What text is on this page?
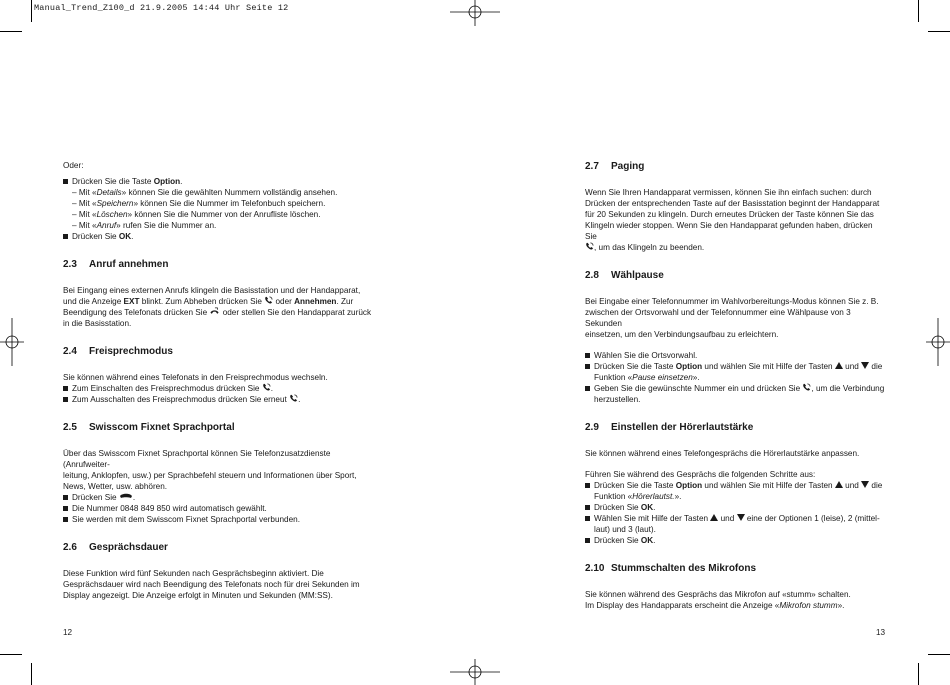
Manual_Trend_Z100_d 21.9.2005 14:44 Uhr Seite 12

Oder:

Drücken Sie die Taste Option.

– Mit «Details» können Sie die gewählten Nummern vollständig ansehen.

– Mit «Speichern» können Sie die Nummer im Telefonbuch speichern.

– Mit «Löschen» können Sie die Nummer von der Anrufliste löschen.

– Mit «Anruf» rufen Sie die Nummer an.

Drücken Sie OK.

2.3 Anruf annehmen

Bei Eingang eines externen Anrufs klingeln die Basisstation und der Handapparat,

und die Anzeige EXT blinkt. Zum Abheben drücken Sie  oder Annehmen. Zur

Beendigung des Telefonats drücken Sie  oder stellen Sie den Handapparat zurück

in die Basisstation.

2.4 Freisprechmodus

Sie können während eines Telefonats in den Freisprechmodus wechseln.

Zum Einschalten des Freisprechmodus drücken Sie .

Zum Ausschalten des Freisprechmodus drücken Sie erneut .

2.5 Swisscom Fixnet Sprachportal

Über das Swisscom Fixnet Sprachportal können Sie Telefonzusatzdienste (Anrufweiter-

leitung, Anklopfen, usw.) per Sprachbefehl steuern und Informationen über Sport,

News, Wetter, usw. abhören.

Drücken Sie .

Die Nummer 0848 849 850 wird automatisch gewählt.

Sie werden mit dem Swisscom Fixnet Sprachportal verbunden.

2.6 Gesprächsdauer

Diese Funktion wird fünf Sekunden nach Gesprächsbeginn aktiviert. Die

Gesprächsdauer wird nach Beendigung des Telefonats noch für drei Sekunden im

Display angezeigt. Die Anzeige erfolgt in Minuten und Sekunden (MM:SS).

2.7 Paging

Wenn Sie Ihren Handapparat vermissen, können Sie ihn einfach suchen: durch

Drücken der entsprechenden Taste auf der Basisstation beginnt der Handapparat

für 20 Sekunden zu klingeln. Durch erneutes Drücken der Taste können Sie das

Klingeln wieder stoppen. Wenn Sie den Handapparat gefunden haben, drücken Sie

, um das Klingeln zu beenden.

2.8 Wählpause

Bei Eingabe einer Telefonnummer im Wahlvorbereitungs-Modus können Sie z. B.

zwischen der Ortsvorwahl und der Telefonnummer eine Wählpause von 3 Sekunden

einsetzen, um den Verbindungsaufbau zu erleichtern.

Wählen Sie die Ortsvorwahl.

Drücken Sie die Taste Option und wählen Sie mit Hilfe der Tasten  und  die

Funktion «Pause einsetzen».

Geben Sie die gewünschte Nummer ein und drücken Sie , um die Verbindung

herzustellen.

2.9 Einstellen der Hörerlautstärke

Sie können während eines Telefongesprächs die Hörerlautstärke anpassen.

Führen Sie während des Gesprächs die folgenden Schritte aus:

Drücken Sie die Taste Option und wählen Sie mit Hilfe der Tasten  und  die

Funktion «Hörerlautst.».

Drücken Sie OK.

Wählen Sie mit Hilfe der Tasten  und  eine der Optionen 1 (leise), 2 (mittel-

laut) und 3 (laut).

Drücken Sie OK.

2.10 Stummschalten des Mikrofons

Sie können während des Gesprächs das Mikrofon auf «stumm» schalten.

Im Display des Handapparats erscheint die Anzeige «Mikrofon stumm».

12	13
